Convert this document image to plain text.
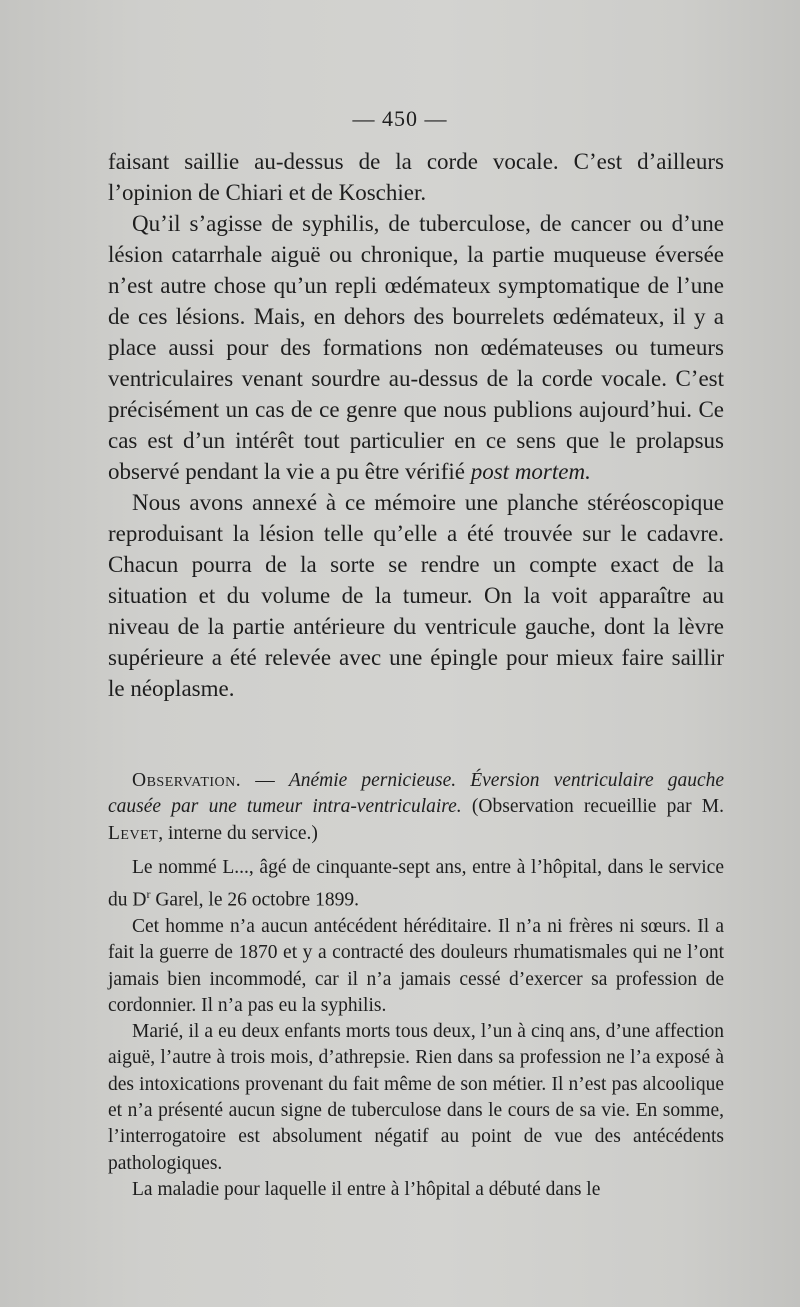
— 450 —

faisant saillie au-dessus de la corde vocale. C’est d’ailleurs l’opinion de Chiari et de Koschier.

Qu’il s’agisse de syphilis, de tuberculose, de cancer ou d’une lésion catarrhale aiguë ou chronique, la partie muqueuse éversée n’est autre chose qu’un repli œdémateux symptomatique de l’une de ces lésions. Mais, en dehors des bourrelets œdémateux, il y a place aussi pour des formations non œdémateuses ou tumeurs ventriculaires venant sourdre au-dessus de la corde vocale. C’est précisément un cas de ce genre que nous publions aujourd’hui. Ce cas est d’un intérêt tout particulier en ce sens que le prolapsus observé pendant la vie a pu être vérifié post mortem.

Nous avons annexé à ce mémoire une planche stéréoscopique reproduisant la lésion telle qu’elle a été trouvée sur le cadavre. Chacun pourra de la sorte se rendre un compte exact de la situation et du volume de la tumeur. On la voit apparaître au niveau de la partie antérieure du ventricule gauche, dont la lèvre supérieure a été relevée avec une épingle pour mieux faire saillir le néoplasme.

Observation. — Anémie pernicieuse. Éversion ventriculaire gauche causée par une tumeur intra-ventriculaire. (Observation recueillie par M. Levet, interne du service.)

Le nommé L..., âgé de cinquante-sept ans, entre à l’hôpital, dans le service du $D^r$ Garel, le 26 octobre 1899.

Cet homme n’a aucun antécédent héréditaire. Il n’a ni frères ni sœurs. Il a fait la guerre de 1870 et y a contracté des douleurs rhumatismales qui ne l’ont jamais bien incommodé, car il n’a jamais cessé d’exercer sa profession de cordonnier. Il n’a pas eu la syphilis.

Marié, il a eu deux enfants morts tous deux, l’un à cinq ans, d’une affection aiguë, l’autre à trois mois, d’athrepsie. Rien dans sa profession ne l’a exposé à des intoxications provenant du fait même de son métier. Il n’est pas alcoolique et n’a présenté aucun signe de tuberculose dans le cours de sa vie. En somme, l’interrogatoire est absolument négatif au point de vue des antécédents pathologiques.

La maladie pour laquelle il entre à l’hôpital a débuté dans le
